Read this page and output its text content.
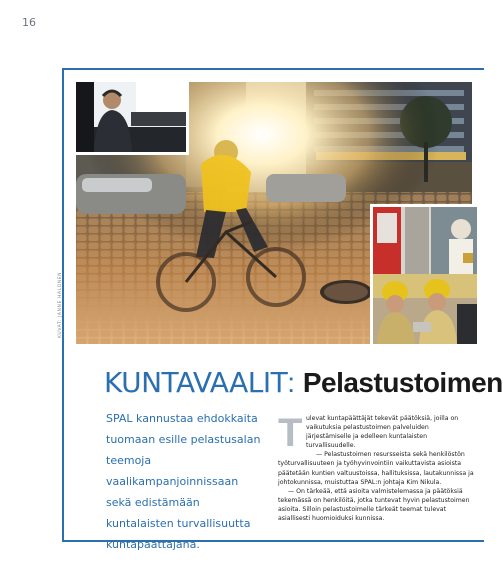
16
KUVAT: JANNE HALONEN
KUNTAVAALIT: Pelastustoimen
SPAL kannustaa ehdokkaita tuomaan esille pelastusalan teemoja vaalikampanjoinnissaan sekä edistämään kuntalaisten turvallisuutta kuntapäättäjänä.
T ulevat kuntapäättäjät tekevät päätöksiä, joilla on vaikutuksia pelastustoimen palveluiden järjestämiselle ja edelleen kuntalaisten turvallisuudelle.

— Pelastustoimen resursseista sekä henkilöstön työturvallisuuteen ja työhyvinvointiin vaikuttavista asioista päätetään kuntien valtuustoissa, hallituksissa, lautakunnissa ja johtokunnissa, muistuttaa SPAL:n johtaja Kim Nikula.

— On tärkeää, että asioita valmistelemassa ja päätöksiä tekemässä on henkilöitä, jotka tuntevat hyvin pelastustoimen asioita. Silloin pelastustoimelle tärkeät teemat tulevat asiallisesti huomioiduksi kunnissa.
